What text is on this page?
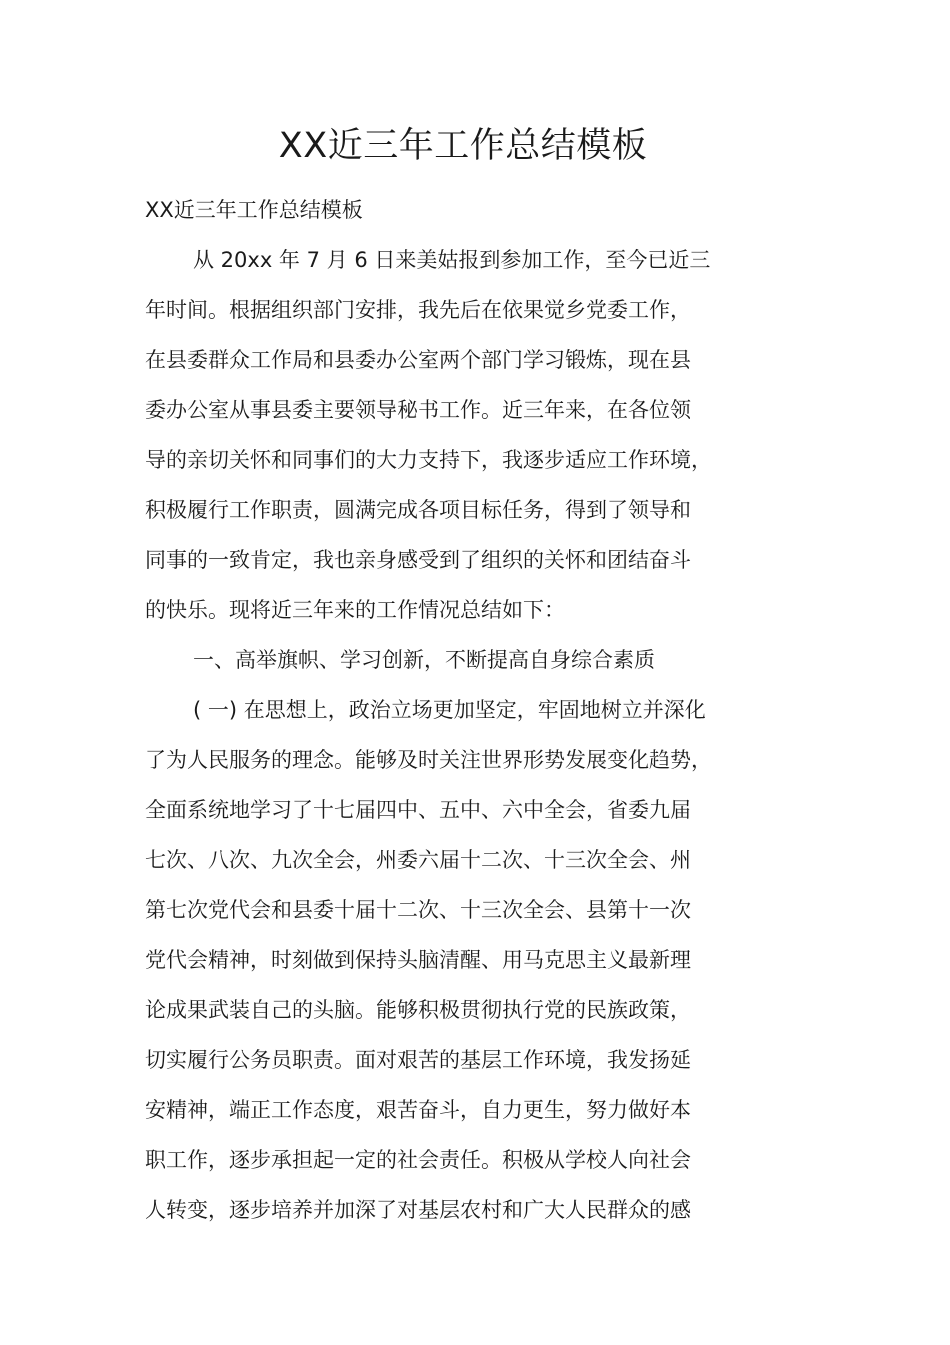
XX近三年工作总结模板
XX近三年工作总结模板
从 20xx 年 7 月 6 日来美姑报到参加工作，至今已近三
年时间。根据组织部门安排，我先后在依果觉乡党委工作，
在县委群众工作局和县委办公室两个部门学习锻炼，现在县
委办公室从事县委主要领导秘书工作。近三年来，在各位领
导的亲切关怀和同事们的大力支持下，我逐步适应工作环境，
积极履行工作职责，圆满完成各项目标任务，得到了领导和
同事的一致肯定，我也亲身感受到了组织的关怀和团结奋斗
的快乐。现将近三年来的工作情况总结如下：
一、高举旗帜、学习创新，不断提高自身综合素质
( 一) 在思想上，政治立场更加坚定，牢固地树立并深化
了为人民服务的理念。能够及时关注世界形势发展变化趋势，
全面系统地学习了十七届四中、五中、六中全会，省委九届
七次、八次、九次全会，州委六届十二次、十三次全会、州
第七次党代会和县委十届十二次、十三次全会、县第十一次
党代会精神，时刻做到保持头脑清醒、用马克思主义最新理
论成果武装自己的头脑。能够积极贯彻执行党的民族政策，
切实履行公务员职责。面对艰苦的基层工作环境，我发扬延
安精神，端正工作态度，艰苦奋斗，自力更生，努力做好本
职工作，逐步承担起一定的社会责任。积极从学校人向社会
人转变，逐步培养并加深了对基层农村和广大人民群众的感
